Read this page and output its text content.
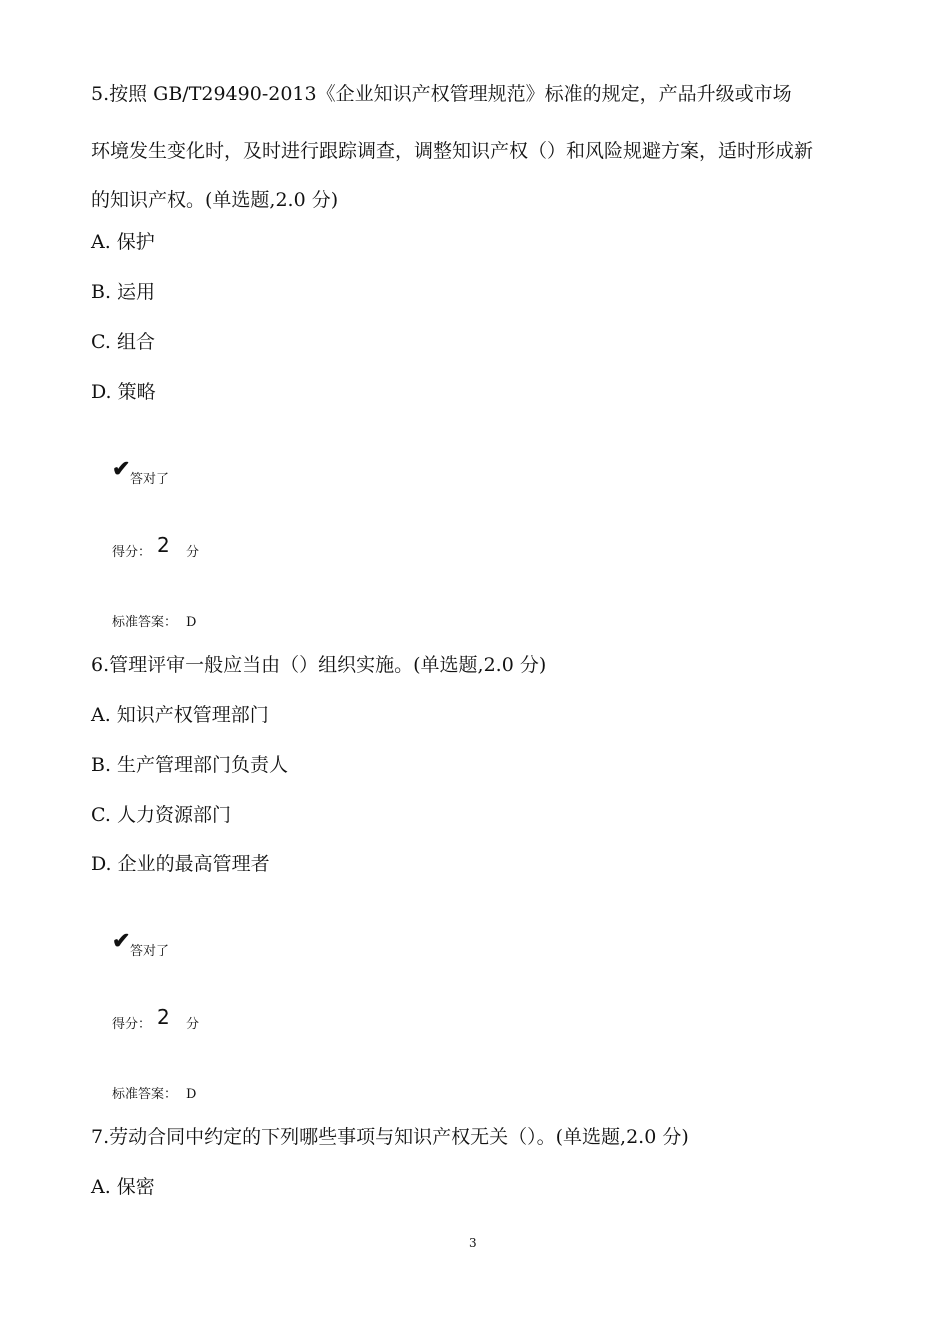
5.按照 GB/T29490-2013《企业知识产权管理规范》标准的规定，产品升级或市场
环境发生变化时，及时进行跟踪调查，调整知识产权（）和风险规避方案，适时形成新
的知识产权。(单选题,2.0 分)
A. 保护
B. 运用
C. 组合
D. 策略
✔ 答对了
得分： 2 分
标准答案： D
6.管理评审一般应当由（）组织实施。(单选题,2.0 分)
A. 知识产权管理部门
B. 生产管理部门负责人
C. 人力资源部门
D. 企业的最高管理者
✔ 答对了
得分： 2 分
标准答案： D
7.劳动合同中约定的下列哪些事项与知识产权无关（）。(单选题,2.0 分)
A. 保密
3
